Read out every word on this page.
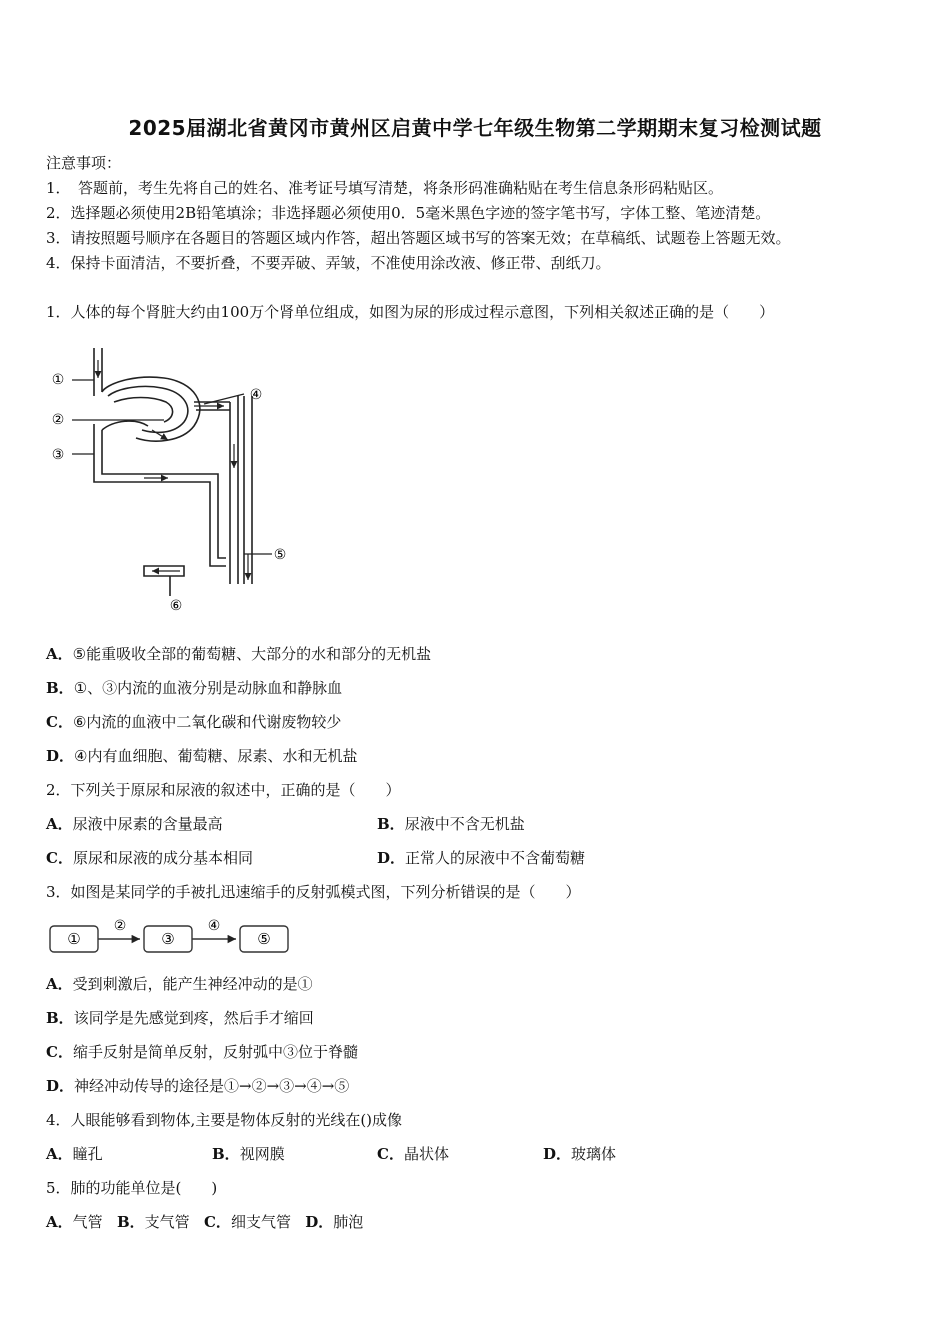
2025届湖北省黄冈市黄州区启黄中学七年级生物第二学期期末复习检测试题
注意事项：
1．　答题前，考生先将自己的姓名、准考证号填写清楚，将条形码准确粘贴在考生信息条形码粘贴区。
2．选择题必须使用2B铅笔填涂；非选择题必须使用0．5毫米黑色字迹的签字笔书写，字体工整、笔迹清楚。
3．请按照题号顺序在各题目的答题区域内作答，超出答题区域书写的答案无效；在草稿纸、试题卷上答题无效。
4．保持卡面清洁，不要折叠，不要弄破、弄皱，不准使用涂改液、修正带、刮纸刀。
1．人体的每个肾脏大约由100万个肾单位组成，如图为尿的形成过程示意图，下列相关叙述正确的是（　　）
①
②
③
④
⑤
⑥
A．⑤能重吸收全部的葡萄糖、大部分的水和部分的无机盐
B．①、③内流的血液分别是动脉血和静脉血
C．⑥内流的血液中二氧化碳和代谢废物较少
D．④内有血细胞、葡萄糖、尿素、水和无机盐
2．下列关于原尿和尿液的叙述中，正确的是（　　）
A．尿液中尿素的含量最高	B．尿液中不含无机盐
C．原尿和尿液的成分基本相同	D．正常人的尿液中不含葡萄糖
3．如图是某同学的手被扎迅速缩手的反射弧模式图，下列分析错误的是（　　）
①
②
③
④
⑤
A．受到刺激后，能产生神经冲动的是①
B．该同学是先感觉到疼，然后手才缩回
C．缩手反射是简单反射，反射弧中③位于脊髓
D．神经冲动传导的途径是①→②→③→④→⑤
4．人眼能够看到物体,主要是物体反射的光线在()成像
A．瞳孔	B．视网膜	C．晶状体	D．玻璃体
5．肺的功能单位是(　　)
A．气管 B．支气管 C．细支气管 D．肺泡
